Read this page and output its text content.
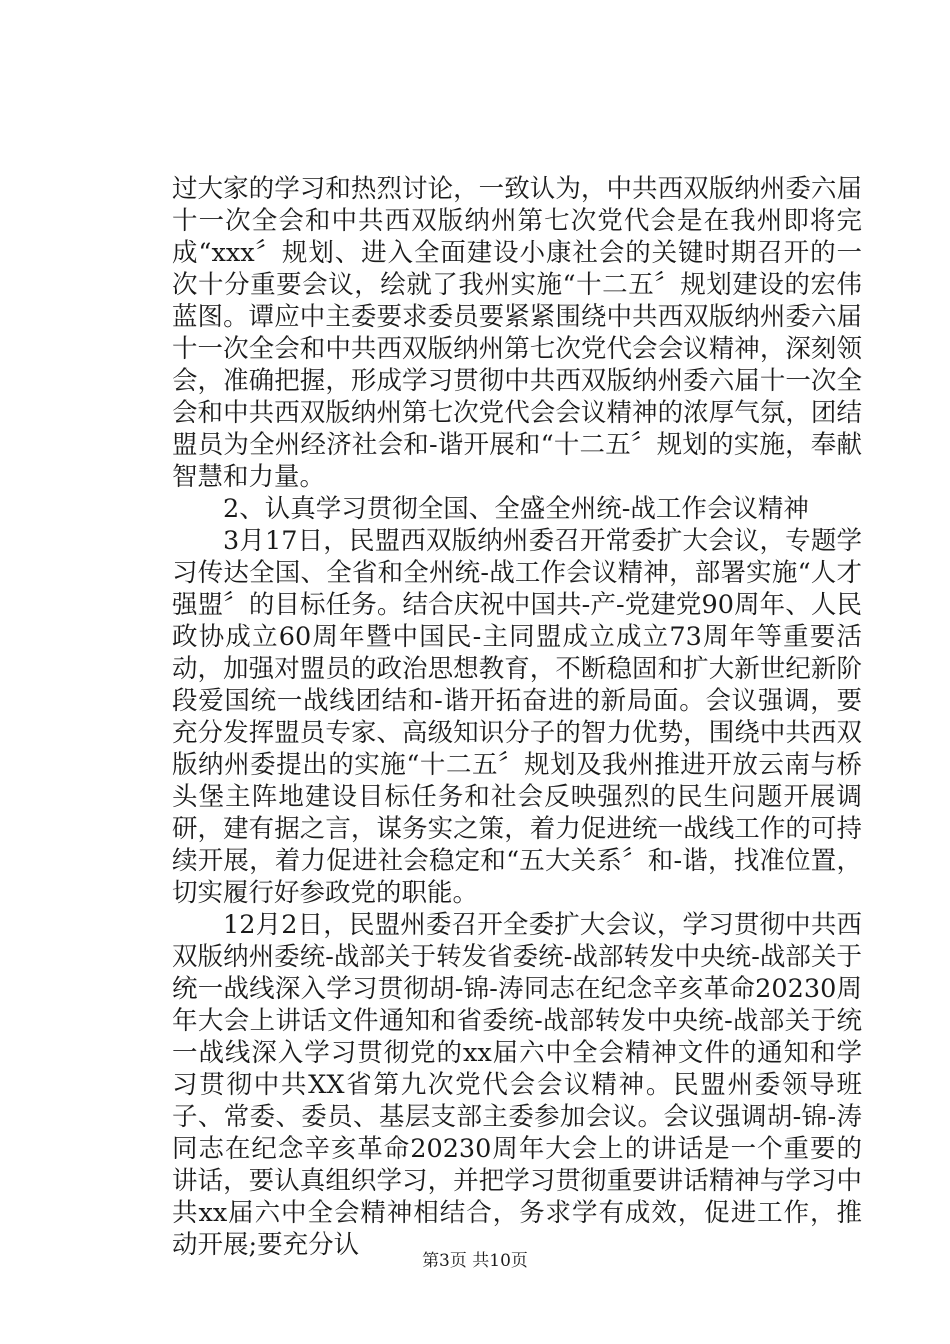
过大家的学习和热烈讨论，一致认为，中共西双版纳州委六届十一次全会和中共西双版纳州第七次党代会是在我州即将完成“xxx〞规划、进入全面建设小康社会的关键时期召开的一次十分重要会议，绘就了我州实施“十二五〞规划建设的宏伟蓝图。谭应中主委要求委员要紧紧围绕中共西双版纳州委六届十一次全会和中共西双版纳州第七次党代会会议精神，深刻领会，准确把握，形成学习贯彻中共西双版纳州委六届十一次全会和中共西双版纳州第七次党代会会议精神的浓厚气氛，团结盟员为全州经济社会和-谐开展和“十二五〞规划的实施，奉献智慧和力量。

2、认真学习贯彻全国、全盛全州统-战工作会议精神

3月17日，民盟西双版纳州委召开常委扩大会议，专题学习传达全国、全省和全州统-战工作会议精神，部署实施“人才强盟〞的目标任务。结合庆祝中国共-产-党建党90周年、人民政协成立60周年暨中国民-主同盟成立成立73周年等重要活动，加强对盟员的政治思想教育，不断稳固和扩大新世纪新阶段爱国统一战线团结和-谐开拓奋进的新局面。会议强调，要充分发挥盟员专家、高级知识分子的智力优势，围绕中共西双版纳州委提出的实施“十二五〞规划及我州推进开放云南与桥头堡主阵地建设目标任务和社会反映强烈的民生问题开展调研，建有据之言，谋务实之策，着力促进统一战线工作的可持续开展，着力促进社会稳定和“五大关系〞和-谐，找准位置，切实履行好参政党的职能。

12月2日，民盟州委召开全委扩大会议，学习贯彻中共西双版纳州委统-战部关于转发省委统-战部转发中央统-战部关于统一战线深入学习贯彻胡-锦-涛同志在纪念辛亥革命20230周年大会上讲话文件通知和省委统-战部转发中央统-战部关于统一战线深入学习贯彻党的xx届六中全会精神文件的通知和学习贯彻中共XX省第九次党代会会议精神。民盟州委领导班子、常委、委员、基层支部主委参加会议。会议强调胡-锦-涛同志在纪念辛亥革命20230周年大会上的讲话是一个重要的讲话，要认真组织学习，并把学习贯彻重要讲话精神与学习中共xx届六中全会精神相结合，务求学有成效，促进工作，推动开展;要充分认

第3页 共10页
